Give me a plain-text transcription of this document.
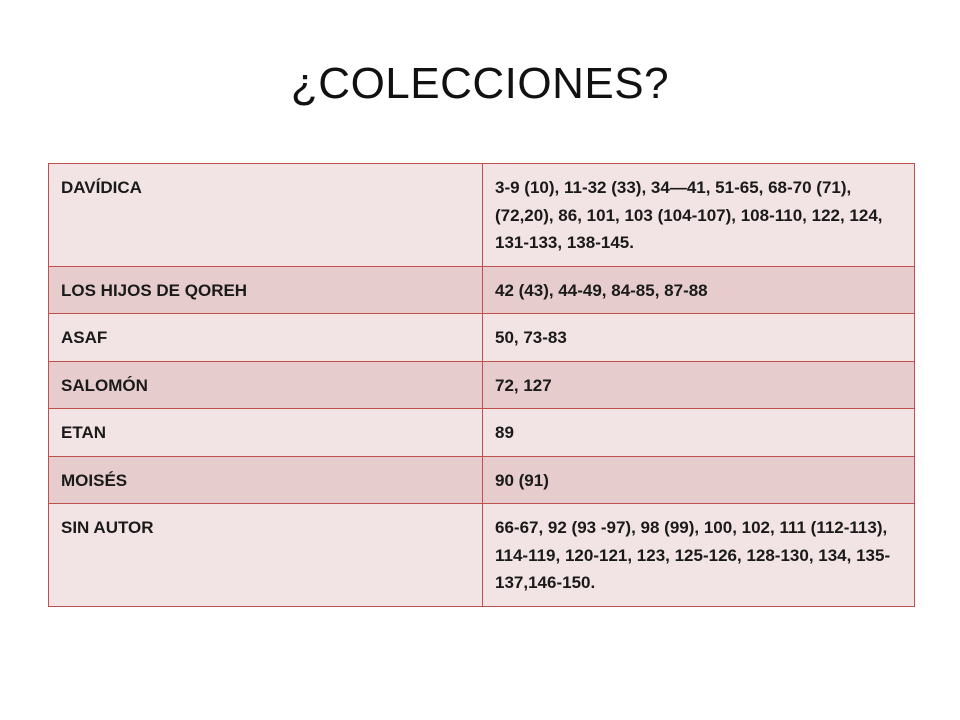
¿COLECCIONES?
DAVÍDICA	3-9 (10), 11-32 (33), 34—41, 51-65, 68-70 (71), (72,20), 86, 101, 103 (104-107), 108-110, 122, 124, 131-133, 138-145.
LOS HIJOS DE QOREH	42 (43), 44-49, 84-85, 87-88
ASAF	50, 73-83
SALOMÓN	72, 127
ETAN	89
MOISÉS	90 (91)
SIN AUTOR	66-67, 92 (93 -97), 98 (99), 100, 102, 111 (112-113), 114-119, 120-121, 123, 125-126, 128-130, 134, 135-137,146-150.
